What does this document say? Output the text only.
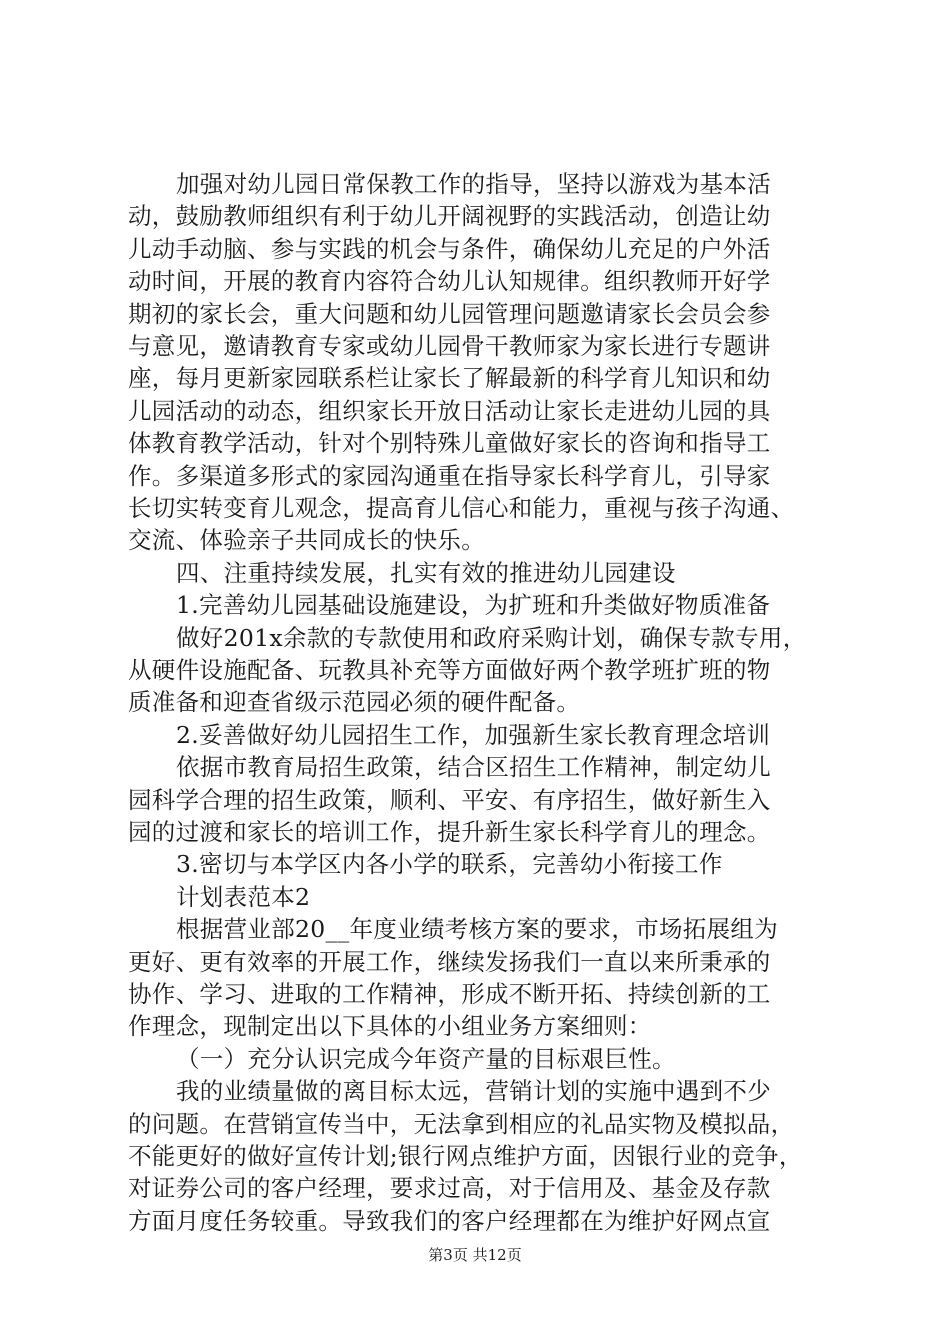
加强对幼儿园日常保教工作的指导，坚持以游戏为基本活
动，鼓励教师组织有利于幼儿开阔视野的实践活动，创造让幼
儿动手动脑、参与实践的机会与条件，确保幼儿充足的户外活
动时间，开展的教育内容符合幼儿认知规律。组织教师开好学
期初的家长会，重大问题和幼儿园管理问题邀请家长会员会参
与意见，邀请教育专家或幼儿园骨干教师家为家长进行专题讲
座，每月更新家园联系栏让家长了解最新的科学育儿知识和幼
儿园活动的动态，组织家长开放日活动让家长走进幼儿园的具
体教育教学活动，针对个别特殊儿童做好家长的咨询和指导工
作。多渠道多形式的家园沟通重在指导家长科学育儿，引导家
长切实转变育儿观念，提高育儿信心和能力，重视与孩子沟通、
交流、体验亲子共同成长的快乐。
四、注重持续发展，扎实有效的推进幼儿园建设
1.完善幼儿园基础设施建设，为扩班和升类做好物质准备
做好201x余款的专款使用和政府采购计划，确保专款专用，
从硬件设施配备、玩教具补充等方面做好两个教学班扩班的物
质准备和迎查省级示范园必须的硬件配备。
2.妥善做好幼儿园招生工作，加强新生家长教育理念培训
依据市教育局招生政策，结合区招生工作精神，制定幼儿
园科学合理的招生政策，顺利、平安、有序招生，做好新生入
园的过渡和家长的培训工作，提升新生家长科学育儿的理念。
3.密切与本学区内各小学的联系，完善幼小衔接工作
计划表范本2
根据营业部20__年度业绩考核方案的要求，市场拓展组为
更好、更有效率的开展工作，继续发扬我们一直以来所秉承的
协作、学习、进取的工作精神，形成不断开拓、持续创新的工
作理念，现制定出以下具体的小组业务方案细则：
（一）充分认识完成今年资产量的目标艰巨性。
我的业绩量做的离目标太远，营销计划的实施中遇到不少
的问题。在营销宣传当中，无法拿到相应的礼品实物及模拟品，
不能更好的做好宣传计划;银行网点维护方面，因银行业的竞争，
对证券公司的客户经理，要求过高，对于信用及、基金及存款
方面月度任务较重。导致我们的客户经理都在为维护好网点宣
第3页 共12页
